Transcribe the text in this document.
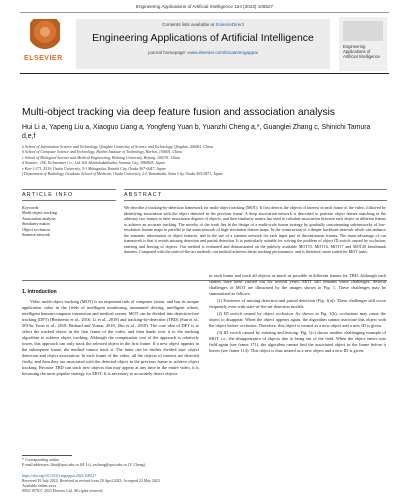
Engineering Applications of Artificial Intelligence 124 (2023) 106527
ELSEVIER
Contents lists available at ScienceDirect
Engineering Applications of Artificial Intelligence
journal homepage: www.elsevier.com/locate/engappai
Engineering Applications of Artificial Intelligence
Multi-object tracking via deep feature fusion and association analysis
Hui Li a, Yapeng Liu a, Xiaoguo Liang a, Yongfeng Yuan b, Yuanzhi Cheng a,*, Guanglei Zhang c, Shinichi Tamura d,e,f
a School of Information Science and Technology, Qingdao University of Science and Technology, Qingdao, 266061, China
b School of Computer Science and Technology, Harbin Institute of Technology, Harbin, 150001, China
c School of Biological Science and Medical Engineering, Beihang University, Beijing, 100191, China
d Nanotec. 166, Technomart Co., Ltd. 601 Shinkokukakkaiba, Senmae City, 3984825, Japan
e Ken-1-271, 5516, Osaka University, 5-1 Mihogaoka, Ibaraki City, Osaka 567-0047, Japan
f Department of Radiology, Graduate School of Medicine, Osaka University, 2-2 Yamadaoka, Suita City, Osaka 565-0871, Japan
ARTICLE INFO	ABSTRACT
Keywords:
Multi-object tracking
Association analysis
Similarity matrix
Object occlusion
Siamese network
We describe a tracking-by-detection framework for multi-object tracking (MOT). It first detects the objects of interest in each frame of the video, followed by identifying association with the object detected in the previous frame. A deep association network is described to perform object feature matching in the arbitrary two frames to infer association degrees of objects, and then similarity matrix has used to calculate association between each object in different frames to achieve an accurate tracking. The novelty of the work lies in the design of a multi-scale fusion strategy by gradually concatenating sub-networks of low-resolution feature maps in parallel to the main network of high-resolution feature maps. In the construction of a deeper backbone network which can enhance the semantic information of object features, and in the use of a siamese network for each input pair of discontinuous frames. The main advantage of our framework is that it avoids missing detection and partial detection. It is particularly suitable for solving the problem of object ID switch caused by occlusion, entering and leaving of objects. Our method is evaluated and demonstrated on the publicly available MOT15, MOT16, MOT17 and MOT20 benchmark datasets. Compared with the state-of-the-art methods, our method achieves better tracking performance, and is therefore, more suited for MOT tasks.
1. Introduction

Video multi-object tracking (MOT) is an important task of computer vision, and has its unique application value in the fields of intelligent monitoring, unmanned driving, intelligent robots, intelligent human-computer interaction and medical scenes. MOT can be divided into detection-free tracking (DFT) (Bertinetto et al., 2016; Li et al., 2018) and tracking-by-detection (TBD) (Sun et al., 2019a; Yoon et al., 2018; Bishard and Yomar, 2018; Zhu et al., 2018). The core idea of DFT is to select the tracked object in the first frame of the video, and then hands over it to the tracking algorithm to achieve object tracking. Although the computation cost of the approach is relatively lower, this approach can only track the selected object in the first frame. If a new object appears in the subsequent frame, the method cannot track it. The latter can be further divided into: object detection and object association. In each frame of the video, all the objects of interest are detected firstly, and then they are associated with the detected object in the previous frame to achieve object tracking. Because TBD can track new objects that may appear at any time in the entire video, it is becoming the most popular strategy for MOT. It is necessary to accurately detect objects

in each frame and track all objects as much as possible in different frames for TBD. Although such studies have been carried out for several years, MOT still remains some challenges. Several challenges of MOT are illustrated by the images shown in Fig. 1. These challenges may be summarized as follows:

(1) Existence of missing detection and partial detection (Fig. 1(a)). These challenges still occur frequently even with state-of-the-art detection models.

(2) ID switch caused by object occlusion. As shown in Fig. 1(b), occlusions may cause the object to disappear. When the object appears again, the algorithm cannot associate this object with the object before occlusion. Therefore, this object is treated as a new object and a new ID is given.

(3) ID switch caused by entering and leaving. Fig. 1(c) shows another challenging example of MOT, i.e., the disappearance of objects due to being out of the field. When the object enters into field again (see frame 171), the algorithm cannot find the associated object in the frame before it leaves (see frame 114). This object is thus treated as a new object and a new ID is given.

* Corresponding author.
E-mail addresses: lihui@qust.edu.cn (H. Li), yzcheng@qust.edu.cn (Y. Cheng).
https://doi.org/10.1016/j.engappai.2023.106527
Received 19 July 2022; Received in revised form 29 April 2023; Accepted 22 May 2023
Available online xxxx
0952-1976/© 2023 Elsevier Ltd. All rights reserved.
